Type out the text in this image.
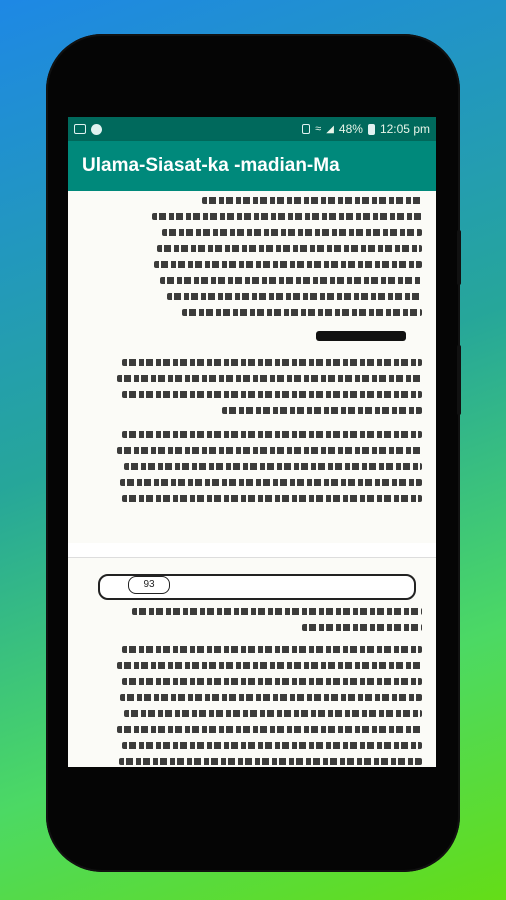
≈ ◢ 48% 12:05 pm
Ulama-Siasat-ka -madian-Ma
93
